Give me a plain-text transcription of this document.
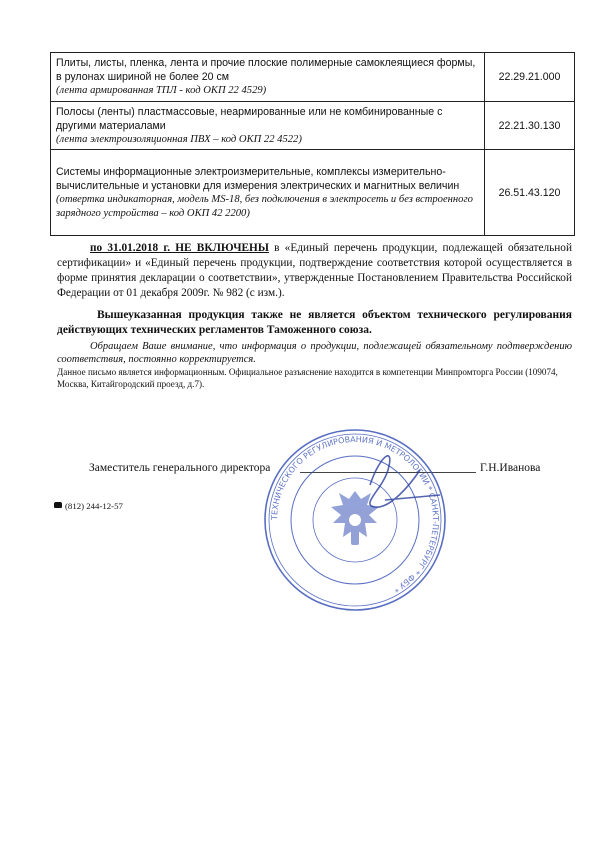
Плиты, листы, пленка, лента и прочие плоские полимерные самоклеящиеся формы, в рулонах шириной не более 20 см
(лента армированная ТПЛ - код ОКП 22 4529)	22.29.21.000
Полосы (ленты) пластмассовые, неармированные или не комбинированные с другими материалами
(лента электроизоляционная ПВХ – код ОКП 22 4522)	22.21.30.130
Системы информационные электроизмерительные, комплексы измерительно-вычислительные и установки для измерения электрических и магнитных величин
(отвертка индикаторная, модель MS-18, без подключения в электросеть и без встроенного зарядного устройства – код ОКП 42 2200)	26.51.43.120
по 31.01.2018 г. НЕ ВКЛЮЧЕНЫ в «Единый перечень продукции, подлежащей обязательной сертификации» и «Единый перечень продукции, подтверждение соответствия которой осуществляется в форме принятия декларации о соответствии», утвержденные Постановлением Правительства Российской Федерации от 01 декабря 2009г. № 982 (с изм.).
Вышеуказанная продукция также не является объектом технического регулирования действующих технических регламентов Таможенного союза.
Обращаем Ваше внимание, что информация о продукции, подлежащей обязательному подтверждению соответствия, постоянно корректируется.
Данное письмо является информационным. Официальное разъяснение находится в компетенции Минпромторга России (109074, Москва, Китайгородский проезд, д.7).
Заместитель генерального директора	Г.Н.Иванова
(812) 244-12-57
ТЕХНИЧЕСКОГО РЕГУЛИРОВАНИЯ И МЕТРОЛОГИИ * САНКТ-ПЕТЕРБУРГ * ФБУ *
